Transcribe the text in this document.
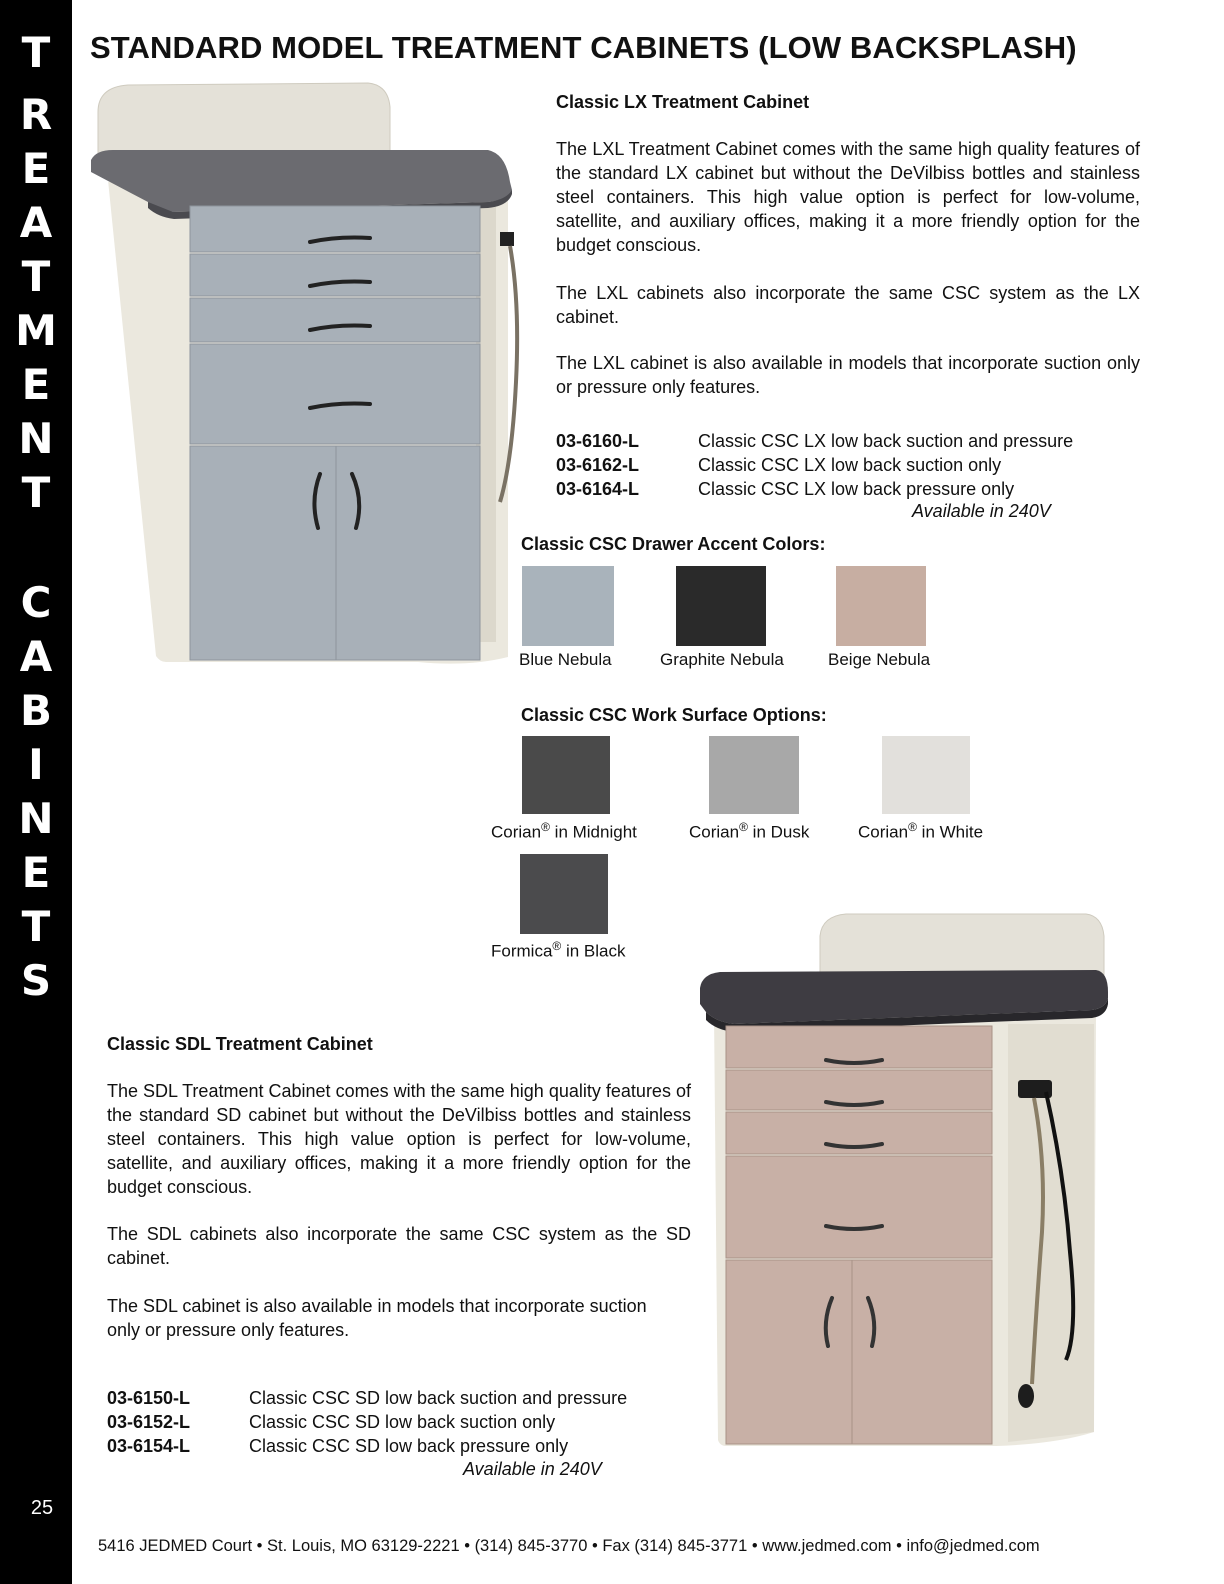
T
R
E
A
T
M
E
N
T
C
A
B
I
N
E
T
S
25
STANDARD MODEL TREATMENT CABINETS (LOW BACKSPLASH)
Classic LX Treatment Cabinet

The LXL Treatment Cabinet comes with the same high quality features of the standard LX cabinet but without the DeVilbiss bottles and stainless steel containers. This high value option is perfect for low-volume, satellite, and auxiliary offices, making it a more friendly option for the budget conscious.

The LXL cabinets also incorporate the same CSC system as the LX cabinet.

The LXL cabinet is also available in models that incorporate suction only or pressure only features.

03-6160-L	Classic CSC LX low back suction and pressure
03-6162-L	Classic CSC LX low back suction only
03-6164-L	Classic CSC LX low back pressure only
Available in 240V
Classic CSC Drawer Accent Colors:
Blue Nebula	Graphite Nebula	Beige Nebula
Classic CSC Work Surface Options:
Corian® in Midnight	Corian® in Dusk	Corian® in White
Formica® in Black
Classic SDL Treatment Cabinet

The SDL Treatment Cabinet comes with the same high quality features of the standard SD cabinet but without the DeVilbiss bottles and stainless steel containers. This high value option is perfect for low-volume, satellite, and auxiliary offices, making it a more friendly option for the budget conscious.

The SDL cabinets also incorporate the same CSC system as the SD cabinet.

The SDL cabinet is also available in models that incorporate suction only or pressure only features.

03-6150-L	Classic CSC SD low back suction and pressure
03-6152-L	Classic CSC SD low back suction only
03-6154-L	Classic CSC SD low back pressure only
Available in 240V
5416 JEDMED Court • St. Louis, MO 63129-2221 • (314) 845-3770 • Fax (314) 845-3771 • www.jedmed.com • info@jedmed.com
